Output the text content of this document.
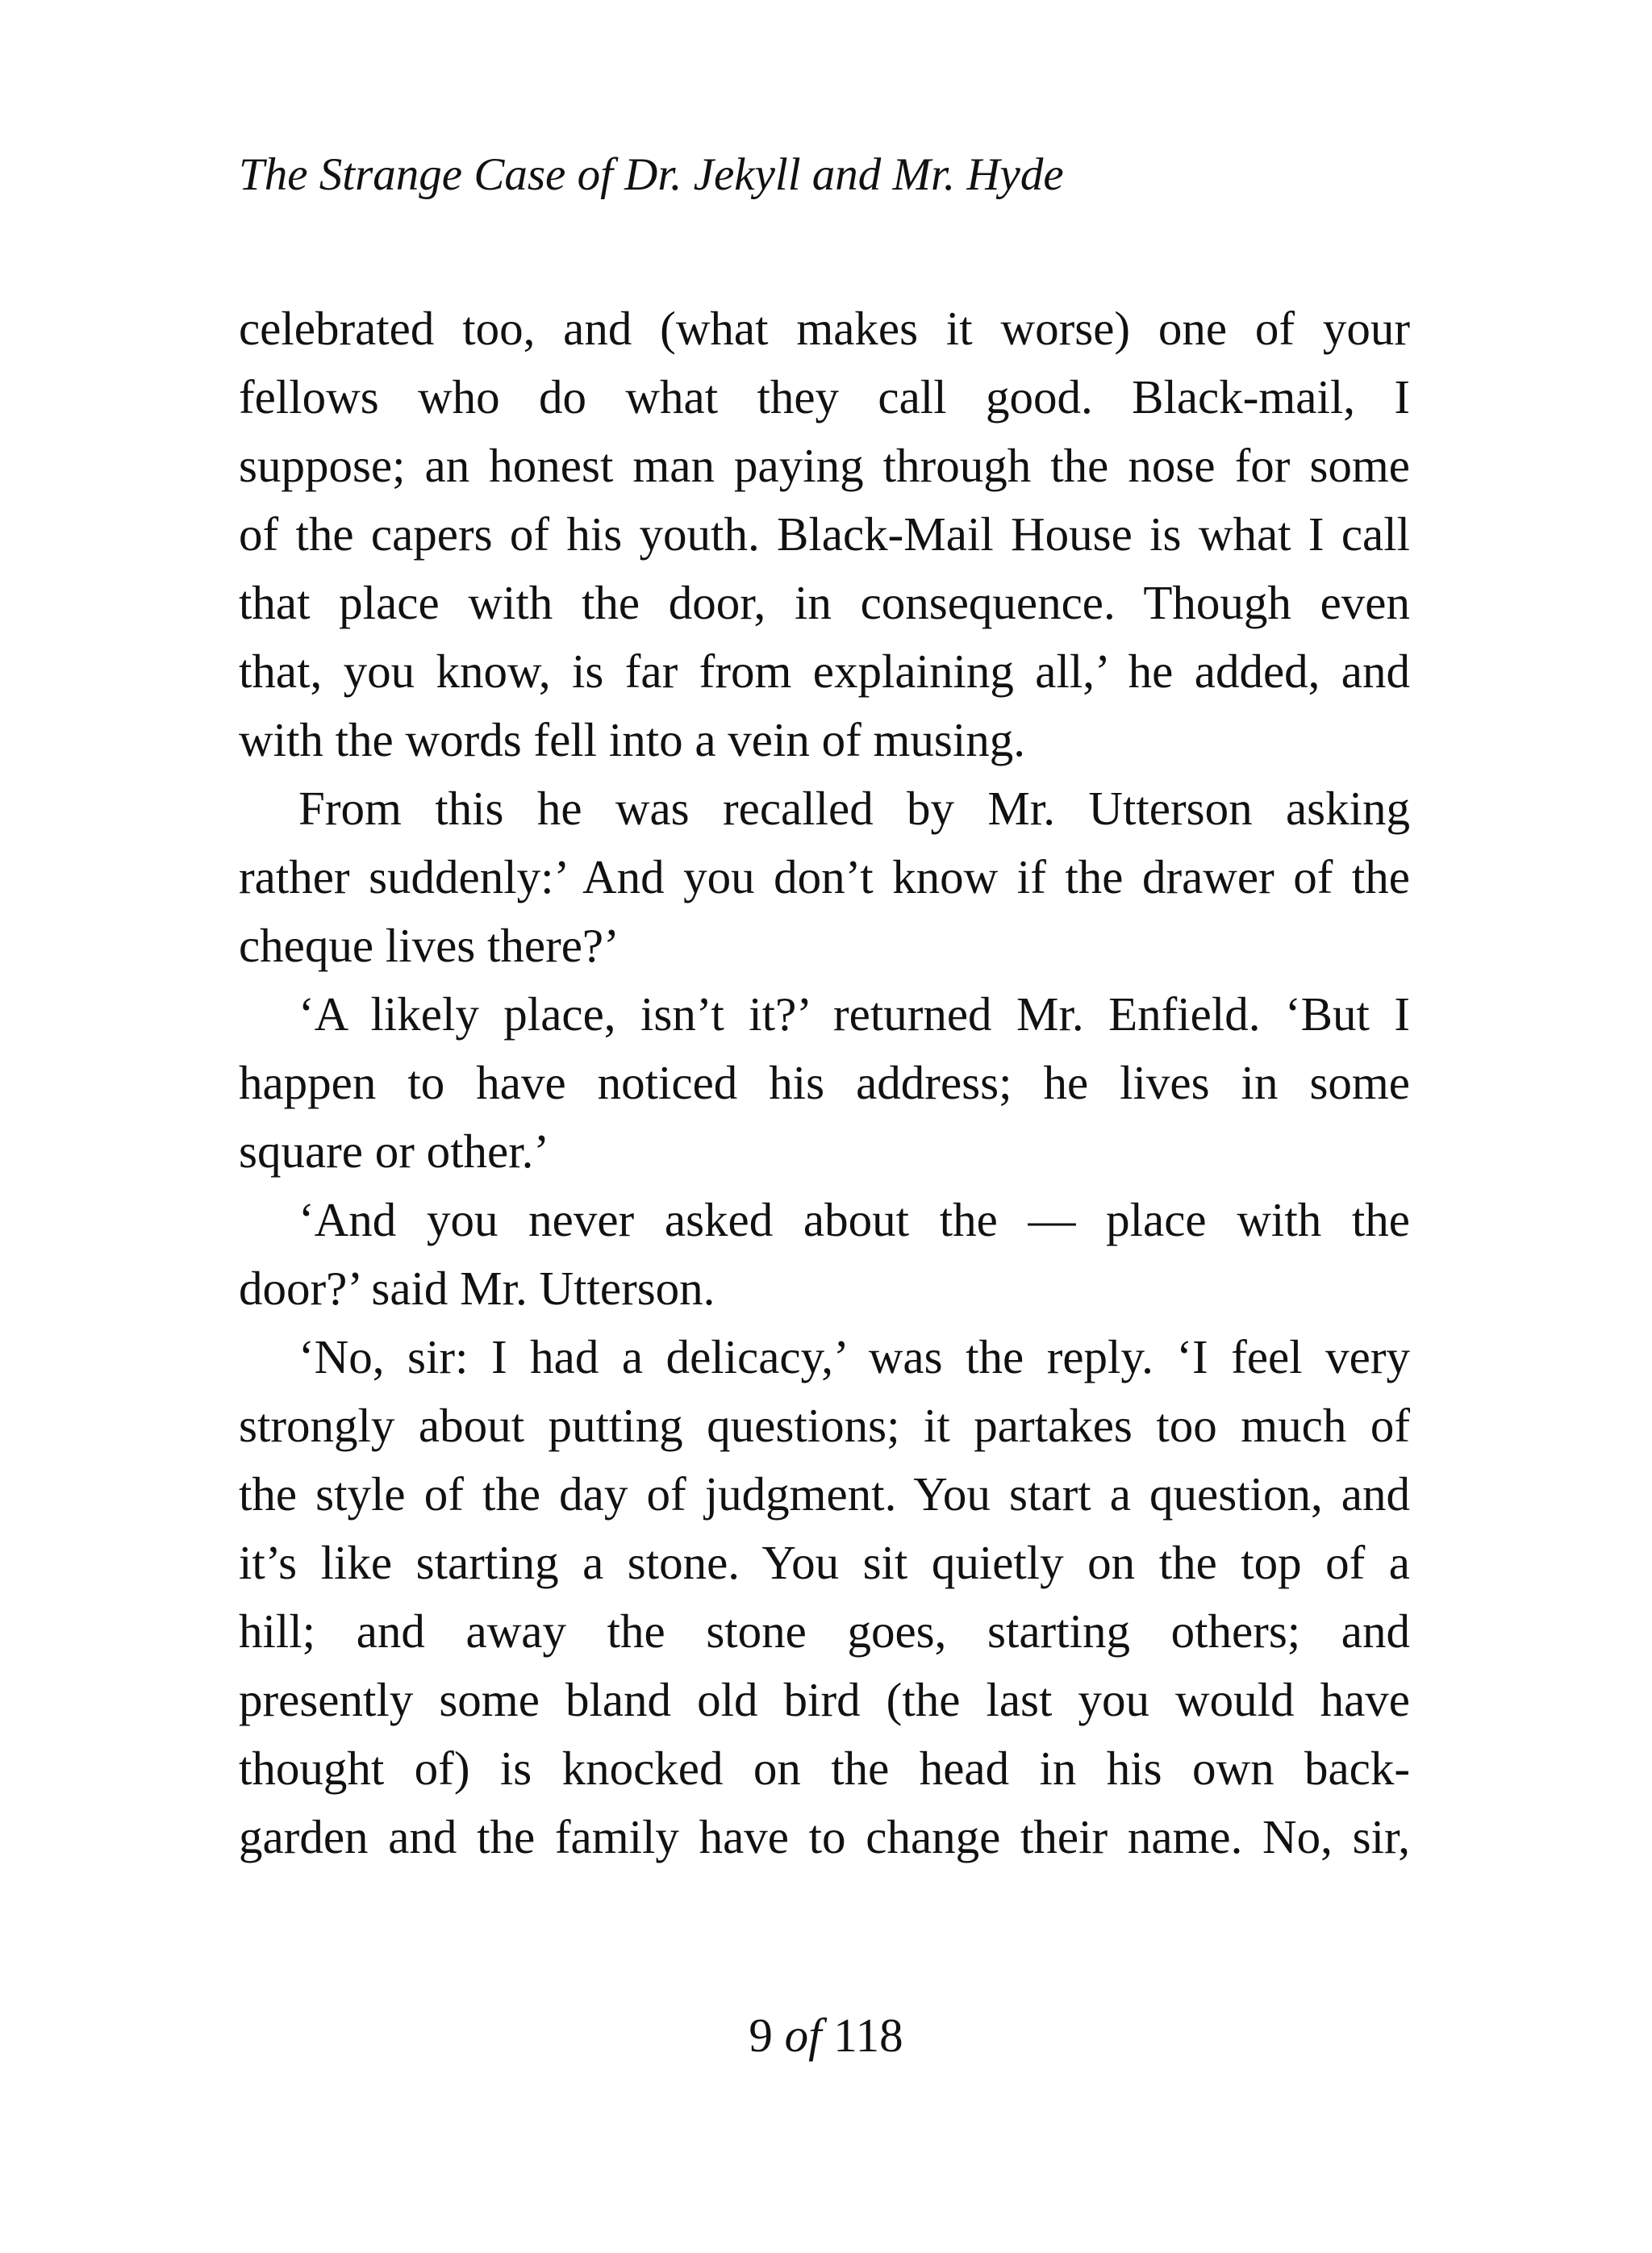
The Strange Case of Dr. Jekyll and Mr. Hyde
celebrated too, and (what makes it worse) one of your
fellows who do what they call good. Black-mail, I
suppose; an honest man paying through the nose for some
of the capers of his youth. Black-Mail House is what I call
that place with the door, in consequence. Though even
that, you know, is far from explaining all,’ he added, and
with the words fell into a vein of musing.
From this he was recalled by Mr. Utterson asking
rather suddenly:’ And you don’t know if the drawer of the
cheque lives there?’
‘A likely place, isn’t it?’ returned Mr. Enfield. ‘But I
happen to have noticed his address; he lives in some
square or other.’
‘And you never asked about the — place with the
door?’ said Mr. Utterson.
‘No, sir: I had a delicacy,’ was the reply. ‘I feel very
strongly about putting questions; it partakes too much of
the style of the day of judgment. You start a question, and
it’s like starting a stone. You sit quietly on the top of a
hill; and away the stone goes, starting others; and
presently some bland old bird (the last you would have
thought of) is knocked on the head in his own back-
garden and the family have to change their name. No, sir,
9 of 118
